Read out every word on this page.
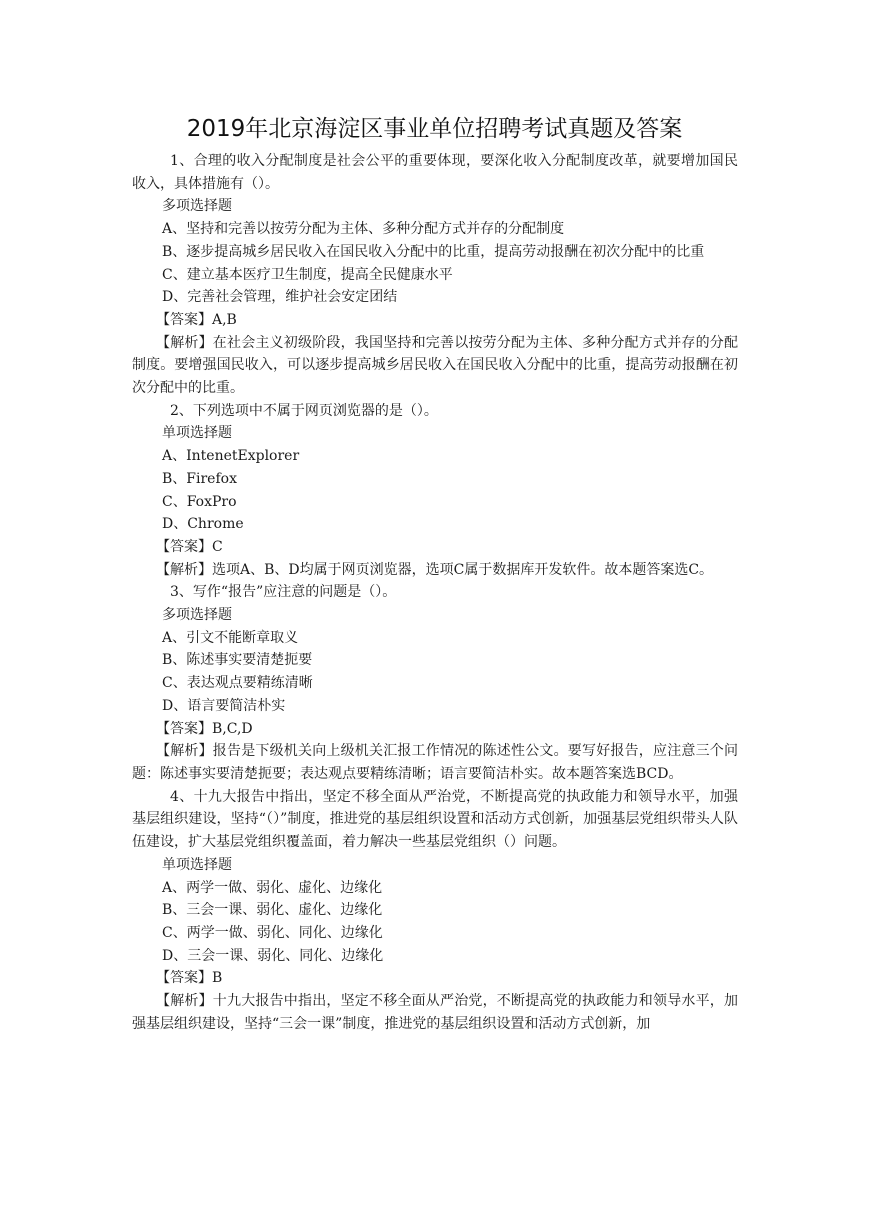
2019年北京海淀区事业单位招聘考试真题及答案

1、合理的收入分配制度是社会公平的重要体现，要深化收入分配制度改革，就要增加国民收入，具体措施有（）。

多项选择题

A、坚持和完善以按劳分配为主体、多种分配方式并存的分配制度

B、逐步提高城乡居民收入在国民收入分配中的比重，提高劳动报酬在初次分配中的比重

C、建立基本医疗卫生制度，提高全民健康水平

D、完善社会管理，维护社会安定团结

【答案】A,B

【解析】在社会主义初级阶段，我国坚持和完善以按劳分配为主体、多种分配方式并存的分配制度。要增强国民收入，可以逐步提高城乡居民收入在国民收入分配中的比重，提高劳动报酬在初次分配中的比重。

2、下列选项中不属于网页浏览器的是（）。

单项选择题

A、IntenetExplorer

B、Firefox

C、FoxPro

D、Chrome

【答案】C

【解析】选项A、B、D均属于网页浏览器，选项C属于数据库开发软件。故本题答案选C。

3、写作“报告”应注意的问题是（）。

多项选择题

A、引文不能断章取义

B、陈述事实要清楚扼要

C、表达观点要精练清晰

D、语言要简洁朴实

【答案】B,C,D

【解析】报告是下级机关向上级机关汇报工作情况的陈述性公文。要写好报告，应注意三个问题：陈述事实要清楚扼要；表达观点要精练清晰；语言要简洁朴实。故本题答案选BCD。

4、十九大报告中指出，坚定不移全面从严治党，不断提高党的执政能力和领导水平，加强基层组织建设，坚持“（）”制度，推进党的基层组织设置和活动方式创新，加强基层党组织带头人队伍建设，扩大基层党组织覆盖面，着力解决一些基层党组织（）问题。

单项选择题

A、两学一做、弱化、虚化、边缘化

B、三会一课、弱化、虚化、边缘化

C、两学一做、弱化、同化、边缘化

D、三会一课、弱化、同化、边缘化

【答案】B

【解析】十九大报告中指出，坚定不移全面从严治党，不断提高党的执政能力和领导水平，加强基层组织建设，坚持“三会一课”制度，推进党的基层组织设置和活动方式创新，加
